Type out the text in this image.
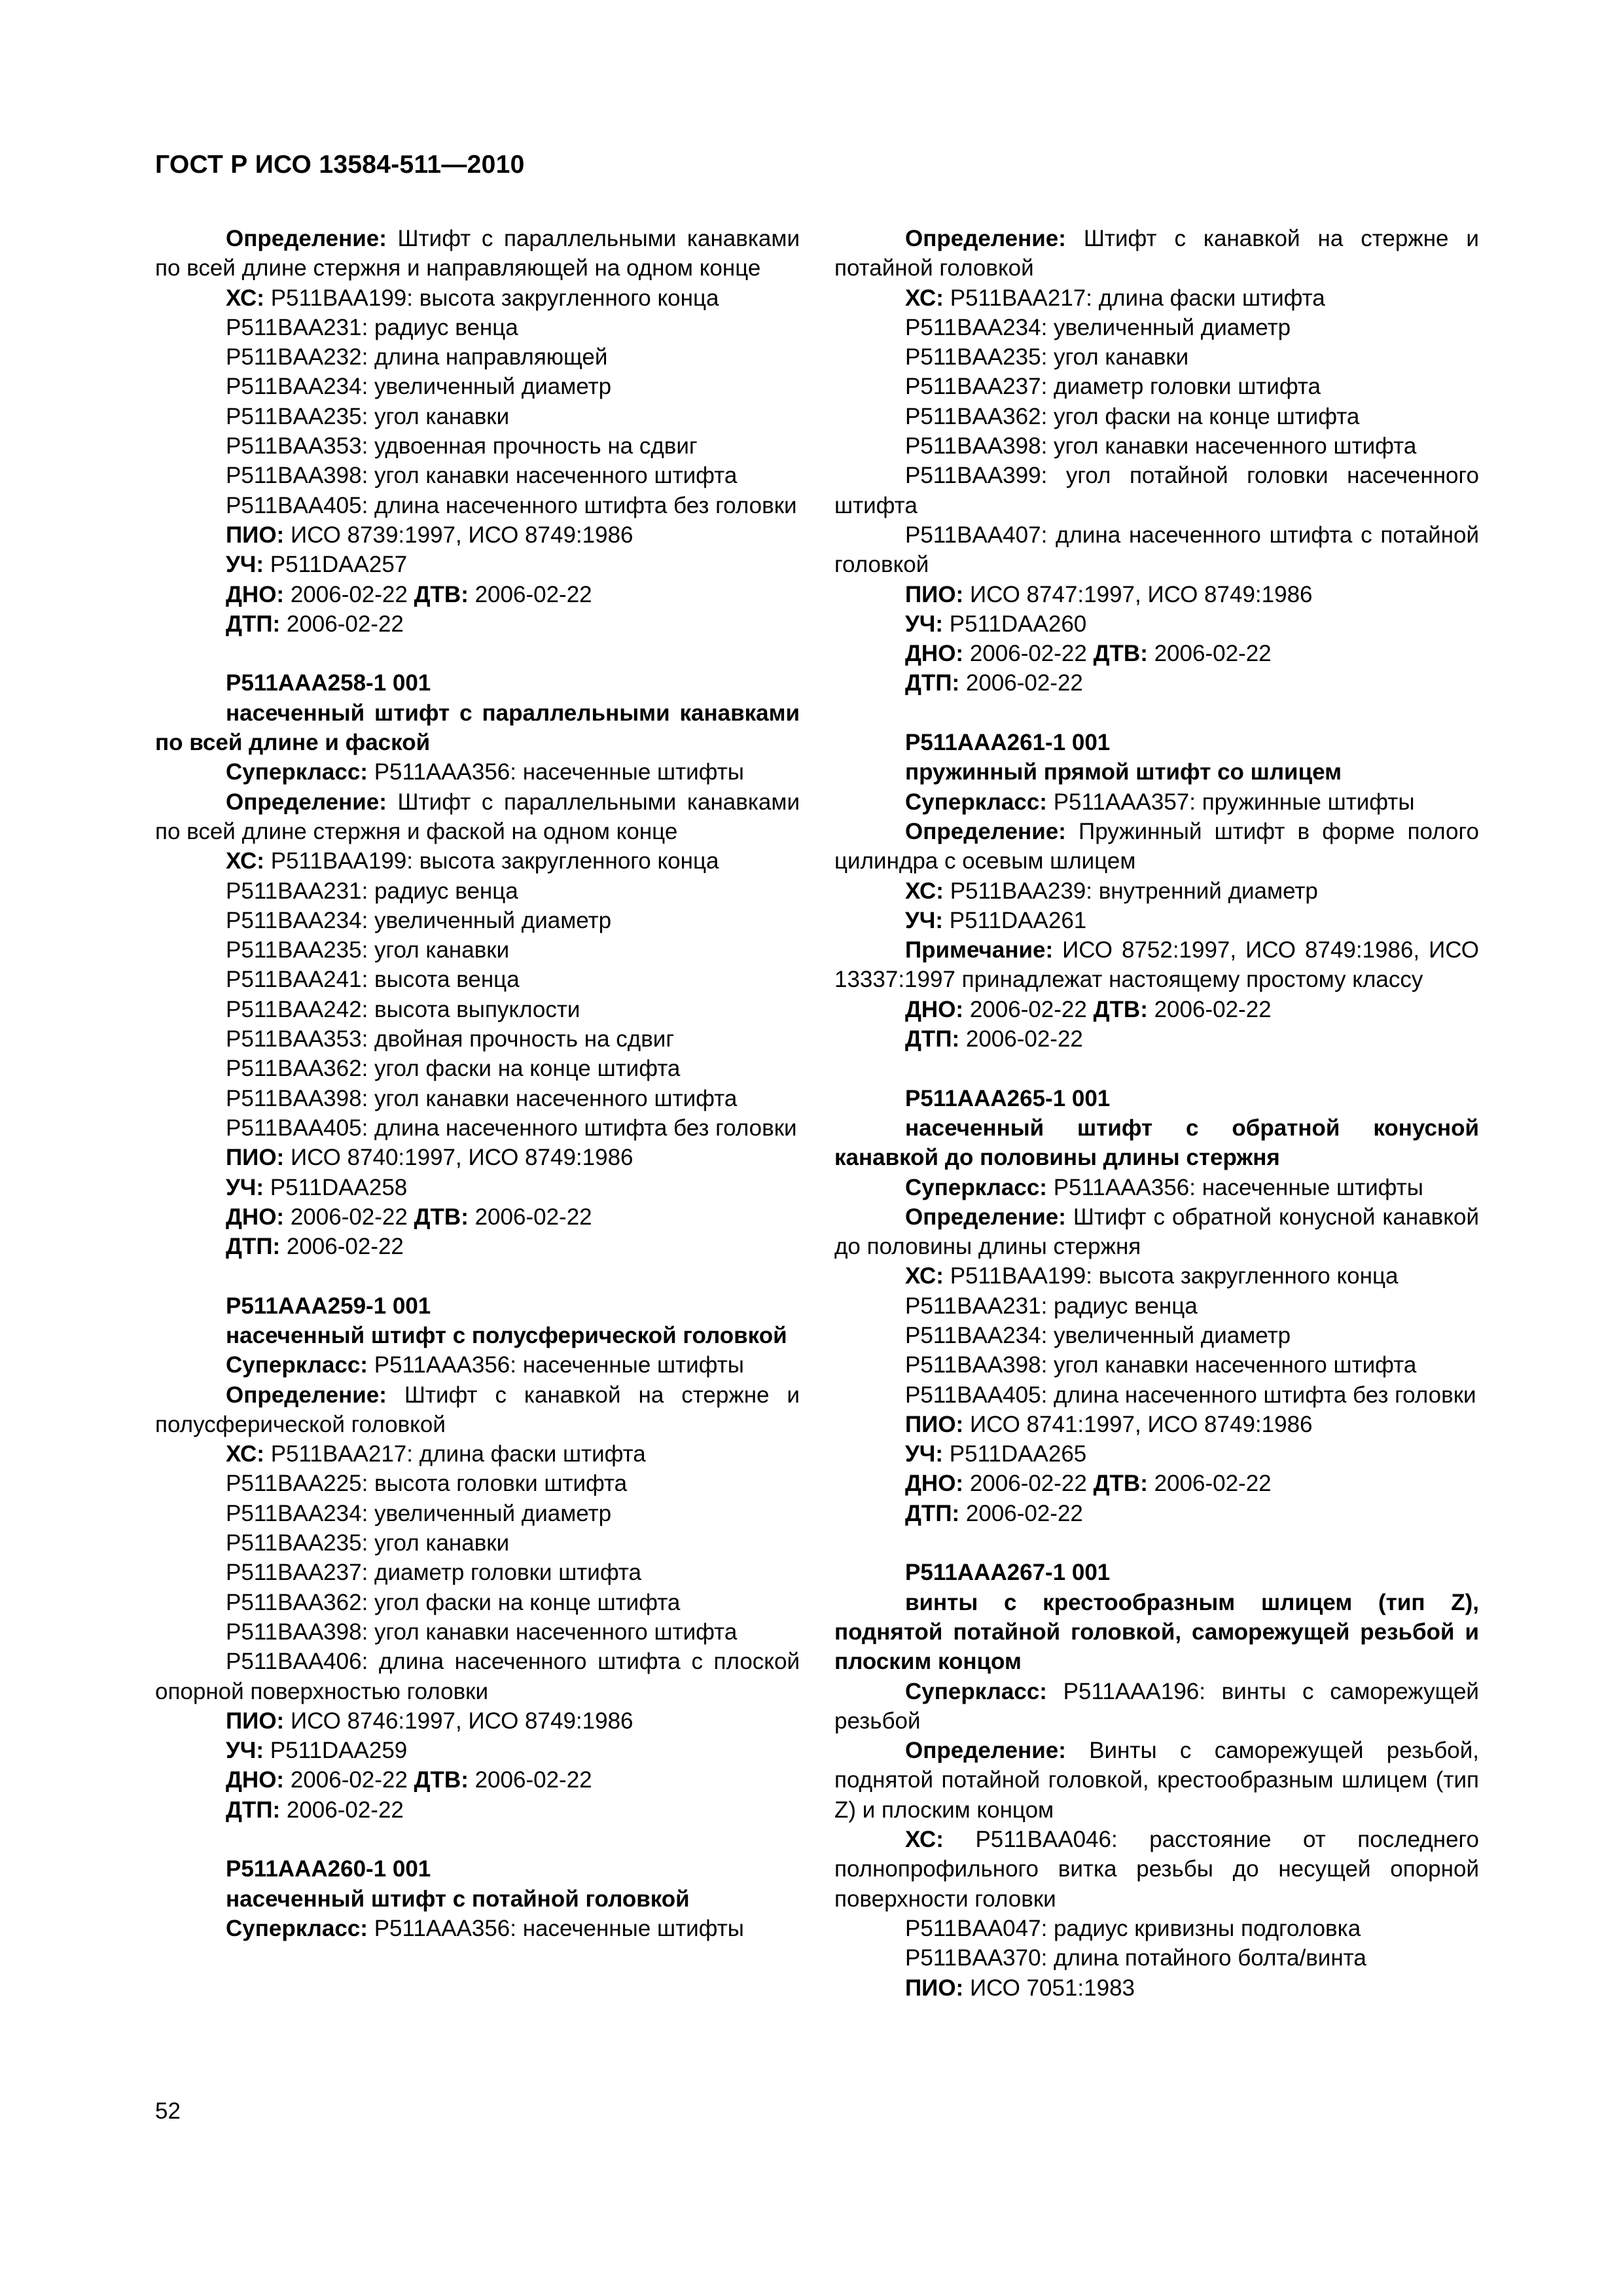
ГОСТ Р ИСО 13584-511—2010
Определение: Штифт с параллельными канавками по всей длине стержня и направляющей на одном конце
ХС: P511BAA199: высота закругленного конца
P511BAA231: радиус венца
P511BAA232: длина направляющей
P511BAA234: увеличенный диаметр
P511BAA235: угол канавки
P511BAA353: удвоенная прочность на сдвиг
P511BAA398: угол канавки насеченного штифта
P511BAA405: длина насеченного штифта без головки
ПИО: ИСО 8739:1997, ИСО 8749:1986
УЧ: P511DAA257
ДНО: 2006-02-22 ДТВ: 2006-02-22
ДТП: 2006-02-22
P511AAA258-1 001
насеченный штифт с параллельными канавками по всей длине и фаской
Суперкласс: P511AAA356: насеченные штифты
Определение: Штифт с параллельными канавками по всей длине стержня и фаской на одном конце
ХС: P511BAA199: высота закругленного конца
P511BAA231: радиус венца
P511BAA234: увеличенный диаметр
P511BAA235: угол канавки
P511BAA241: высота венца
P511BAA242: высота выпуклости
P511BAA353: двойная прочность на сдвиг
P511BAA362: угол фаски на конце штифта
P511BAA398: угол канавки насеченного штифта
P511BAA405: длина насеченного штифта без головки
ПИО: ИСО 8740:1997, ИСО 8749:1986
УЧ: P511DAA258
ДНО: 2006-02-22 ДТВ: 2006-02-22
ДТП: 2006-02-22
P511AAA259-1 001
насеченный штифт с полусферической головкой
Суперкласс: P511AAA356: насеченные штифты
Определение: Штифт с канавкой на стержне и полусферической головкой
ХС: P511BAA217: длина фаски штифта
P511BAA225: высота головки штифта
P511BAA234: увеличенный диаметр
P511BAA235: угол канавки
P511BAA237: диаметр головки штифта
P511BAA362: угол фаски на конце штифта
P511BAA398: угол канавки насеченного штифта
P511BAA406: длина насеченного штифта с плоской опорной поверхностью головки
ПИО: ИСО 8746:1997, ИСО 8749:1986
УЧ: P511DAA259
ДНО: 2006-02-22 ДТВ: 2006-02-22
ДТП: 2006-02-22
P511AAA260-1 001
насеченный штифт с потайной головкой
Суперкласс: P511AAA356: насеченные штифты
Определение: Штифт с канавкой на стержне и потайной головкой
ХС: P511BAA217: длина фаски штифта
P511BAA234: увеличенный диаметр
P511BAA235: угол канавки
P511BAA237: диаметр головки штифта
P511BAA362: угол фаски на конце штифта
P511BAA398: угол канавки насеченного штифта
P511BAA399: угол потайной головки насеченного штифта
P511BAA407: длина насеченного штифта с потайной головкой
ПИО: ИСО 8747:1997, ИСО 8749:1986
УЧ: P511DAA260
ДНО: 2006-02-22 ДТВ: 2006-02-22
ДТП: 2006-02-22
P511AAA261-1 001
пружинный прямой штифт со шлицем
Суперкласс: P511AAA357: пружинные штифты
Определение: Пружинный штифт в форме полого цилиндра с осевым шлицем
ХС: P511BAA239: внутренний диаметр
УЧ: P511DAA261
Примечание: ИСО 8752:1997, ИСО 8749:1986, ИСО 13337:1997 принадлежат настоящему простому классу
ДНО: 2006-02-22 ДТВ: 2006-02-22
ДТП: 2006-02-22
P511AAA265-1 001
насеченный штифт с обратной конусной канавкой до половины длины стержня
Суперкласс: P511AAA356: насеченные штифты
Определение: Штифт с обратной конусной канавкой до половины длины стержня
ХС: P511BAA199: высота закругленного конца
P511BAA231: радиус венца
P511BAA234: увеличенный диаметр
P511BAA398: угол канавки насеченного штифта
P511BAA405: длина насеченного штифта без головки
ПИО: ИСО 8741:1997, ИСО 8749:1986
УЧ: P511DAA265
ДНО: 2006-02-22 ДТВ: 2006-02-22
ДТП: 2006-02-22
P511AAA267-1 001
винты с крестообразным шлицем (тип Z), поднятой потайной головкой, саморежущей резьбой и плоским концом
Суперкласс: P511AAA196: винты с саморежущей резьбой
Определение: Винты с саморежущей резьбой, поднятой потайной головкой, крестообразным шлицем (тип Z) и плоским концом
ХС: P511BAA046: расстояние от последнего полнопрофильного витка резьбы до несущей опорной поверхности головки
P511BAA047: радиус кривизны подголовка
P511BAA370: длина потайного болта/винта
ПИО: ИСО 7051:1983
52
